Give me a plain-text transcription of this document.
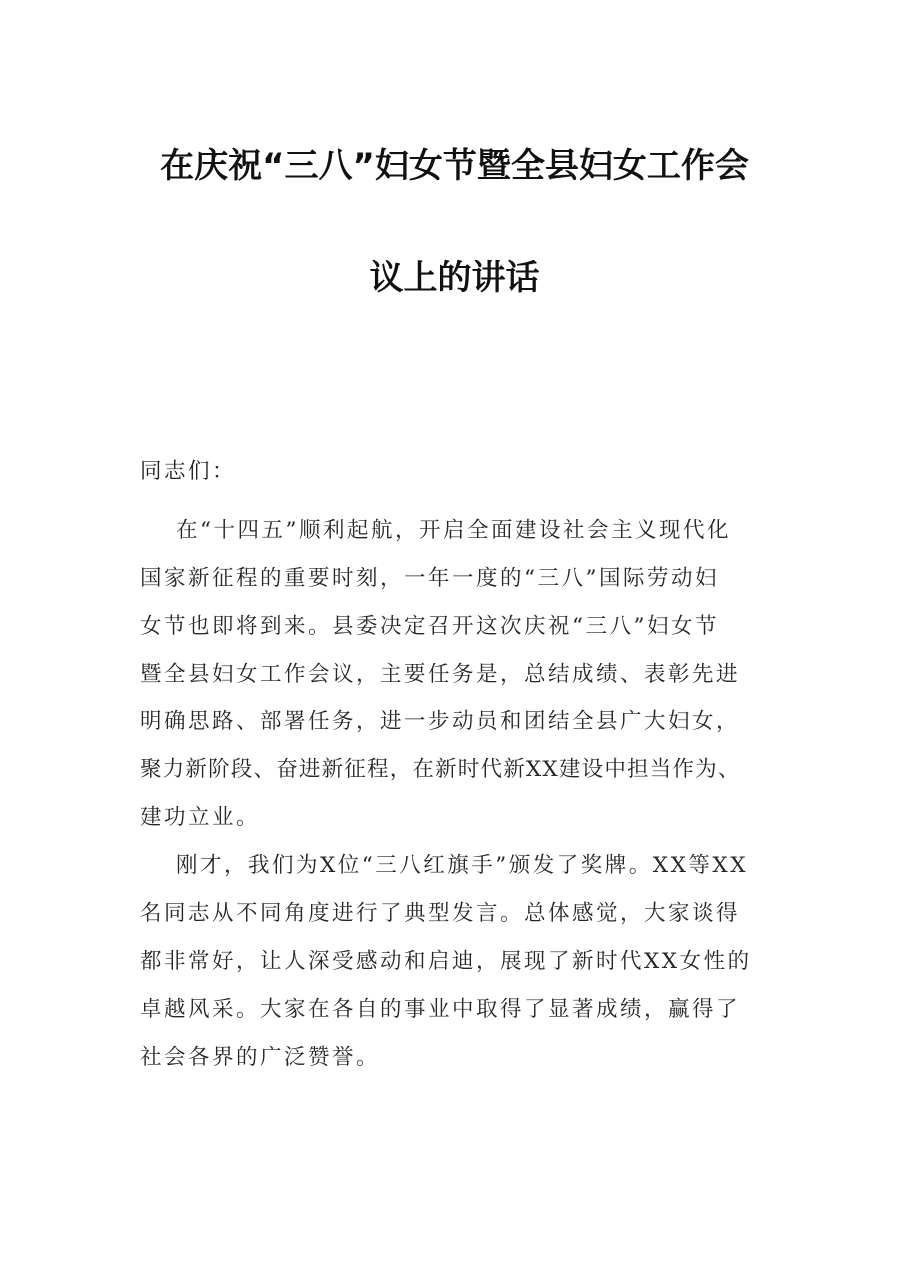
在庆祝“三八”妇女节暨全县妇女工作会
议上的讲话
同志们：
在“十四五”顺利起航，开启全面建设社会主义现代化
国家新征程的重要时刻，一年一度的“三八”国际劳动妇
女节也即将到来。县委决定召开这次庆祝“三八”妇女节
暨全县妇女工作会议，主要任务是，总结成绩、表彰先进
明确思路、部署任务，进一步动员和团结全县广大妇女，
聚力新阶段、奋进新征程，在新时代新XX建设中担当作为、
建功立业。
刚才，我们为X位“三八红旗手”颁发了奖牌。XX等XX
名同志从不同角度进行了典型发言。总体感觉，大家谈得
都非常好，让人深受感动和启迪，展现了新时代XX女性的
卓越风采。大家在各自的事业中取得了显著成绩，赢得了
社会各界的广泛赞誉。
